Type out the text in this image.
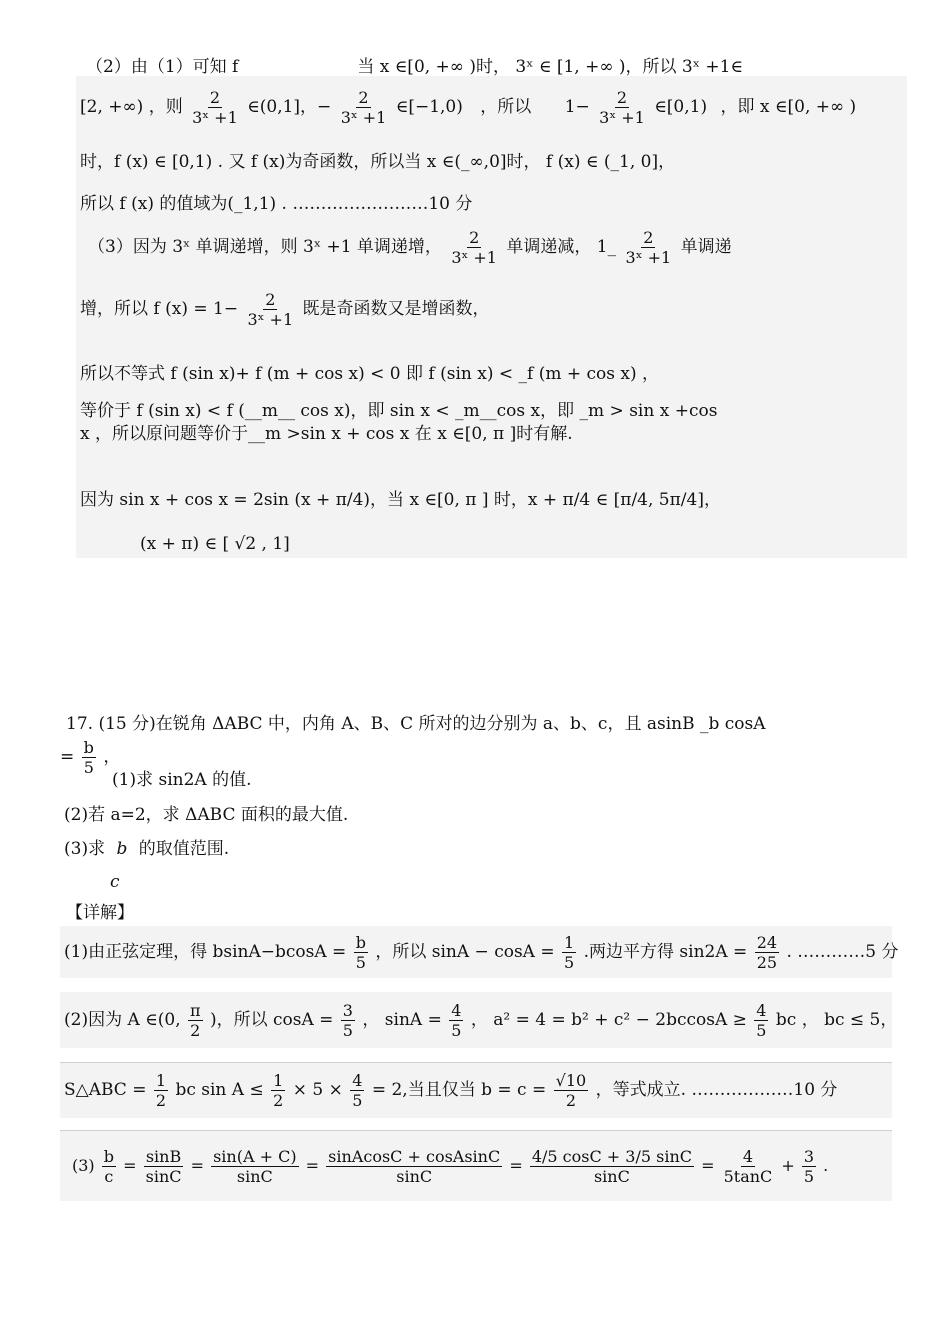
（2）由（1）可知 f　　　　　　　当 x ∈[0, +∞ )时， 3ˣ ∈ [1, +∞ )，所以 3ˣ +1∈
[2, +∞) ，则 $\frac{2}{\text{3ˣ +1}}$ ∈(0,1]，− $\frac{2}{\text{3ˣ +1}}$ ∈[−1,0) ，所以 $1- \frac{2}{\text{3ˣ +1}}$ ∈[0,1) ，即 x ∈[0, +∞ )
时，f (x) ∈ [0,1) . 又 f (x)为奇函数，所以当 x ∈(_∞,0]时， f (x) ∈ (_1, 0]，
所以 f (x) 的值域为(_1,1) . ……………………10 分
（3）因为 3ˣ 单调递增，则 3ˣ +1 单调递增， $\frac{2}{\text{3ˣ +1}}$ 单调递减， 1_ $\frac{2}{\text{3ˣ +1}}$ 单调递
增，所以 f $(x) = 1- \frac{2}{\text{3ˣ +1}}$ 既是奇函数又是增函数，
所以不等式 f (sin x)+ f (m + cos x) < 0 即 f (sin x) < _f (m + cos x) ，
等价于 f (sin x) < f (__m__ cos x)，即 sin x < _m__cos x，即 _m > sin x +cos
x ，所以原问题等价于__m >sin x + cos x 在 x ∈[0, π ]时有解.
因为 sin x + cos x = 2sin (x + π/4)，当 x ∈[0, π ] 时，x + π/4 ∈ [π/4, 5π/4]，
(x + π) ∈ [ √2 , 1]
17. (15 分)在锐角 ΔABC 中，内角 A、B、C 所对的边分别为 a、b、c，且 asinB _b cosA
= $\frac{b}{5}$ ，
(1)求 sin2A 的值.
(2)若 a=2，求 ΔABC 面积的最大值.
(3)求 b 的取值范围.
c
【详解】
(1)由正弦定理，得 $bsinA-bcosA = \frac{b}{5}$ ，所以 $\sin A - \cos A = \frac{1}{5}$ .两边平方得 $\sin 2A = \frac{24}{25}$ . …………5 分
(2)因为 A ∈(0, $\frac{\pi}{2}$ )，所以 $\cos A = \frac{3}{5}$ ， $\sin A = \frac{4}{5}$ ， $a^2 = 4 = b^2 + c^2 - 2bccosA \ge \frac{4}{5}$ bc ， bc ≤ 5，
S△ABC = $\frac{1}{2}$ bc $\sin A \le \frac{1}{2} \times 5 \times \frac{4}{5} = 2$,当且仅当 $b = c = \frac{√10}{2}$ ，等式成立. ………………10 分
$(3) \frac{b}{c} = \frac{\sin B}{\sin C} = \frac{\sin(A + C)}{\sin C} = \frac{\text{sinAcosC + cosAsinC}}{\sin C} = \frac{4/5 \cos C + 3/5 \sin C}{\sin C} = \frac{4}{5\tan C} + \frac{3}{5}$ .
